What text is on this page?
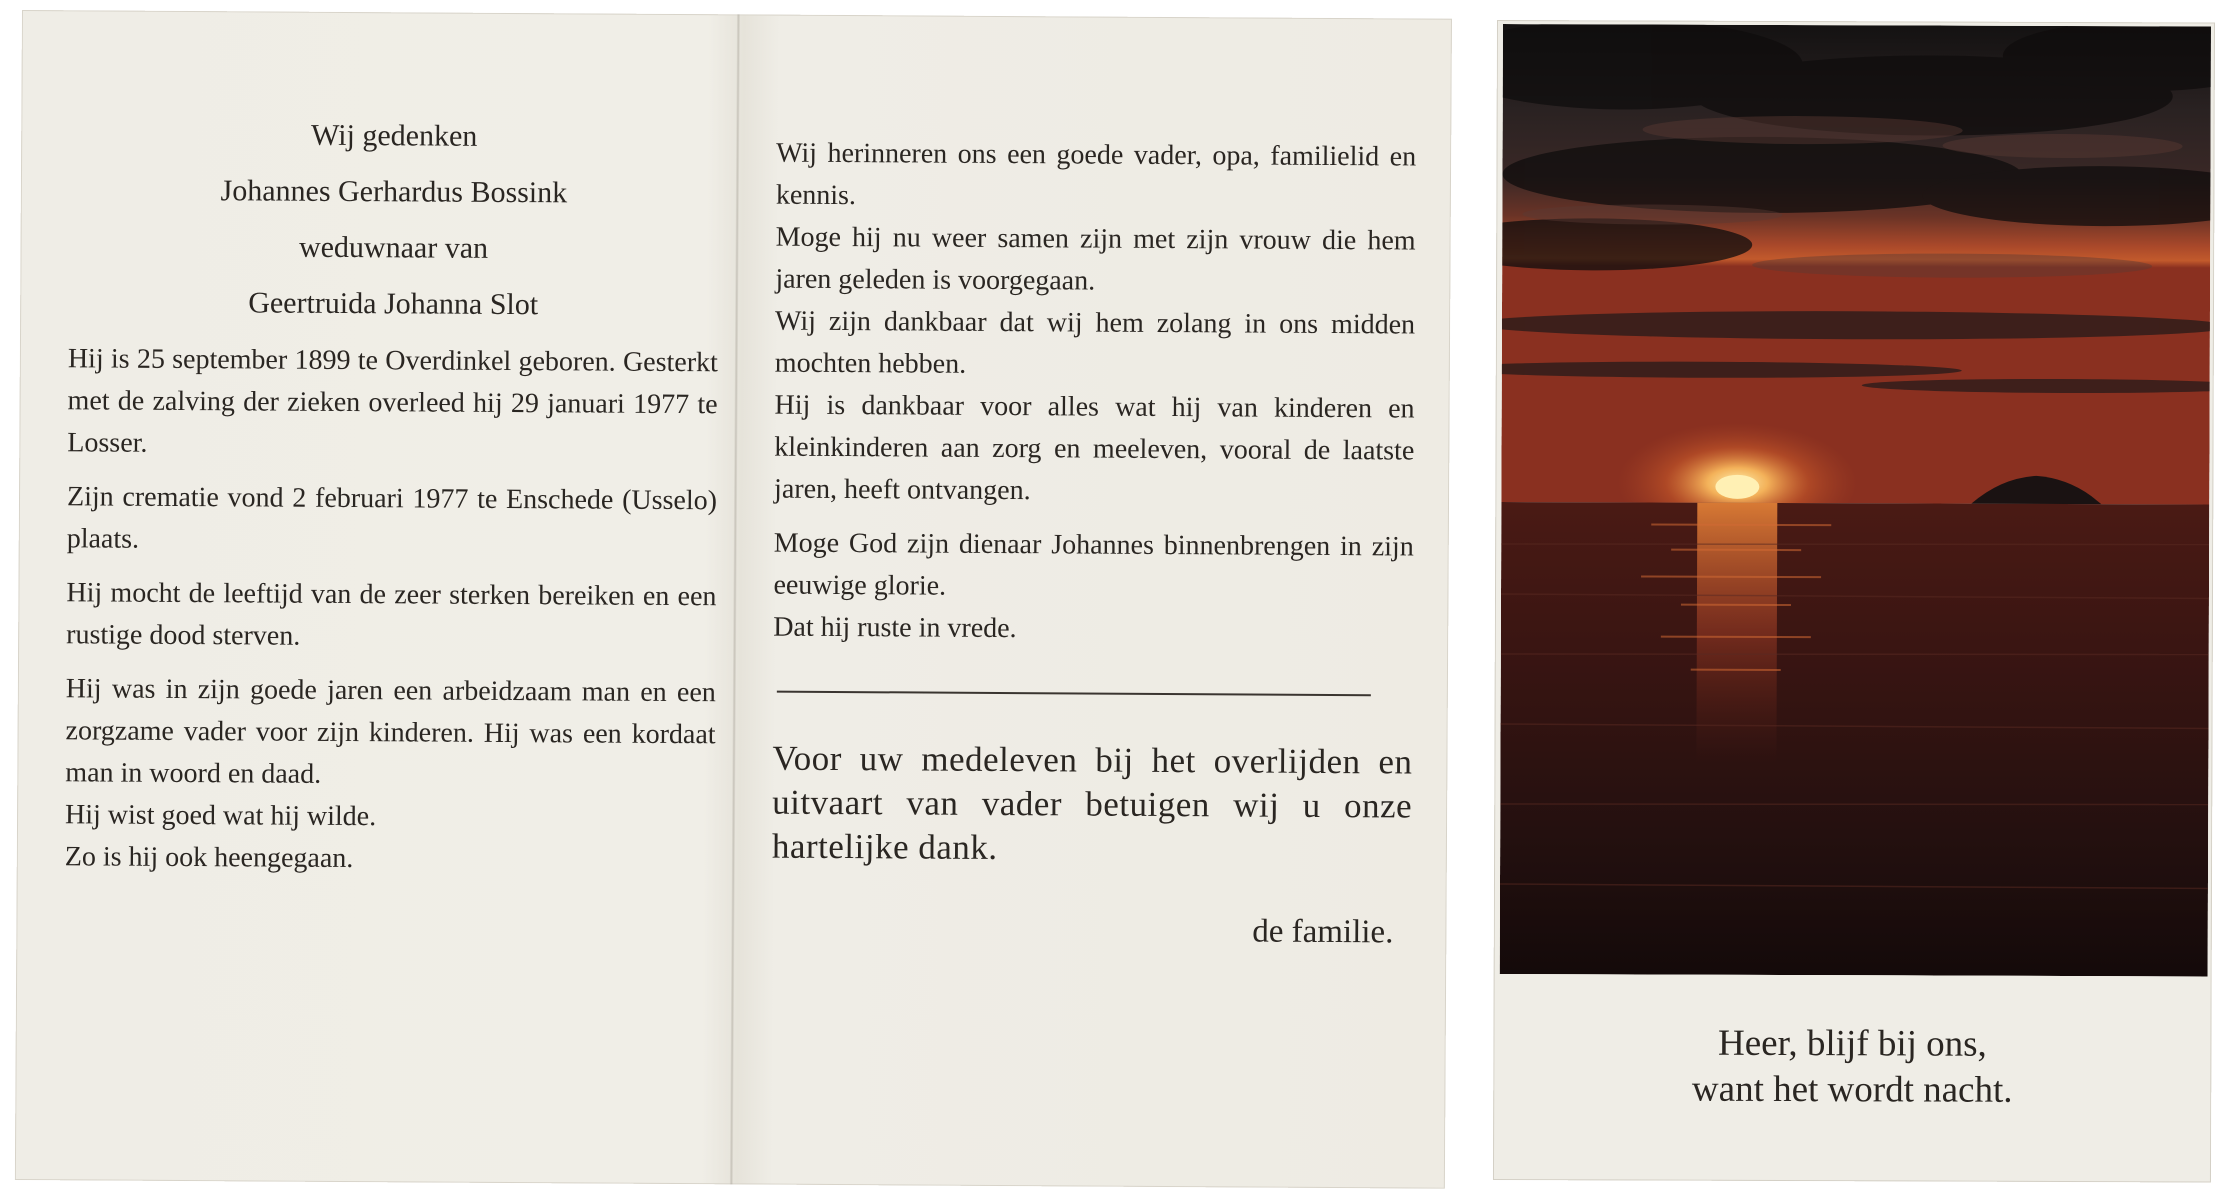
Wij gedenken
Johannes Gerhardus Bossink
weduwnaar van
Geertruida Johanna Slot

Hij is 25 september 1899 te Overdinkel geboren. Gesterkt met de zalving der zieken overleed hij 29 januari 1977 te Losser.

Zijn crematie vond 2 februari 1977 te Enschede (Usselo) plaats.

Hij mocht de leeftijd van de zeer sterken bereiken en een rustige dood sterven.

Hij was in zijn goede jaren een arbeidzaam man en een zorgzame vader voor zijn kinderen. Hij was een kordaat man in woord en daad.

Hij wist goed wat hij wilde.

Zo is hij ook heengegaan.

Wij herinneren ons een goede vader, opa, familielid en kennis.

Moge hij nu weer samen zijn met zijn vrouw die hem jaren geleden is voorgegaan.

Wij zijn dankbaar dat wij hem zolang in ons midden mochten hebben.

Hij is dankbaar voor alles wat hij van kinderen en kleinkinderen aan zorg en meeleven, vooral de laatste jaren, heeft ontvangen.

Moge God zijn dienaar Johannes binnenbrengen in zijn eeuwige glorie.

Dat hij ruste in vrede.

Voor uw medeleven bij het overlijden en uitvaart van vader betuigen wij u onze hartelijke dank.

de familie.
Heer, blijf bij ons,
want het wordt nacht.
